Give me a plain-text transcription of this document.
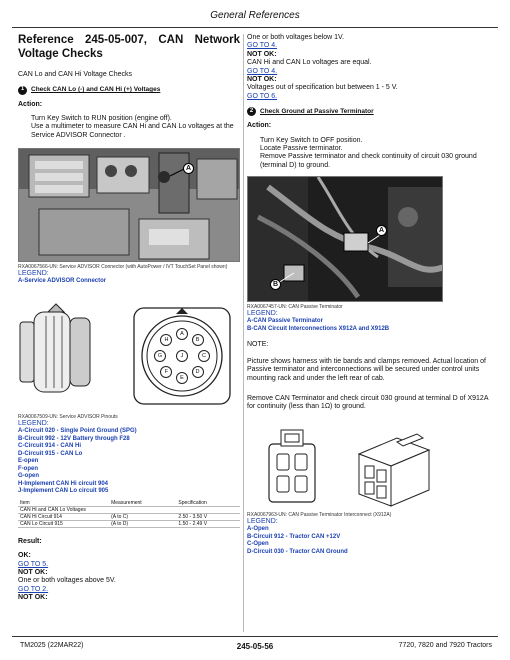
General References
Reference 245-05-007, CAN Network Voltage Checks
CAN Lo and CAN Hi Voltage Checks
1	Check CAN Lo (-) and CAN Hi (+) Voltages
Action:
Turn Key Switch to RUN position (engine off).
Use a multimeter to measure CAN Hi and CAN Lo voltages at the Service ADVISOR Connector .
A
RXA0067566-UN: Service ADVISOR Connector (with AutoPower / IVT TouchSet Panel shown)
LEGEND:
A-Service ADVISOR Connector
A
B
C
D
E
F
G
H
J
RXA0067509-UN: Service ADVISOR Pinouts
LEGEND:
A-Circuit 020 - Single Point Ground (SPG)
B-Circuit 992 - 12V Battery through F28
C-Circuit 914 - CAN Hi
D-Circuit 915 - CAN Lo
E-open
F-open
G-open
H-Implement CAN Hi circuit 904
J-Implement CAN Lo circuit 905
Item	Measurement	Specification
CAN Hi and CAN Lo Voltages		
CAN Hi Circuit 914	(A to C)	2.50 - 3.50 V
CAN Lo Circuit 915	(A to D)	1.50 - 2.49 V
Result:
OK:
GO TO 5.
NOT OK:
One or both voltages above 5V.
GO TO 2.
NOT OK:
One or both voltages below 1V.
GO TO 4.
NOT OK:
CAN Hi and CAN Lo voltages are equal.
GO TO 4.
NOT OK:
Voltages out of specification but between 1 - 5 V.
GO TO 6.
2	Check Ground at Passive Terminator
Action:
Turn Key Switch to OFF position.
Locate Passive terminator.
Remove Passive terminator and check continuity of circuit 030 ground (terminal D) to ground.
A
B
RXA0067457-UN: CAN Passive Terminator
LEGEND:
A-CAN Passive Terminator
B-CAN Circuit Interconnections X912A and X912B
NOTE:
Picture shows harness with tie bands and clamps removed. Actual location of Passive terminator and interconnections will be secured under control units mounting rack and under the left rear of cab.
Remove CAN Terminator and check circuit 030 ground at terminal D of X912A for continuity (less than 1Ω) to ground.
RXA0067963-UN: CAN Passive Terminator Interconnect (X912A)
LEGEND:
A-Open
B-Circuit 912 - Tractor CAN +12V
C-Open
D-Circuit 030 - Tractor CAN Ground
TM2025 (22MAR22)	245-05-56	7720, 7820 and 7920 Tractors
